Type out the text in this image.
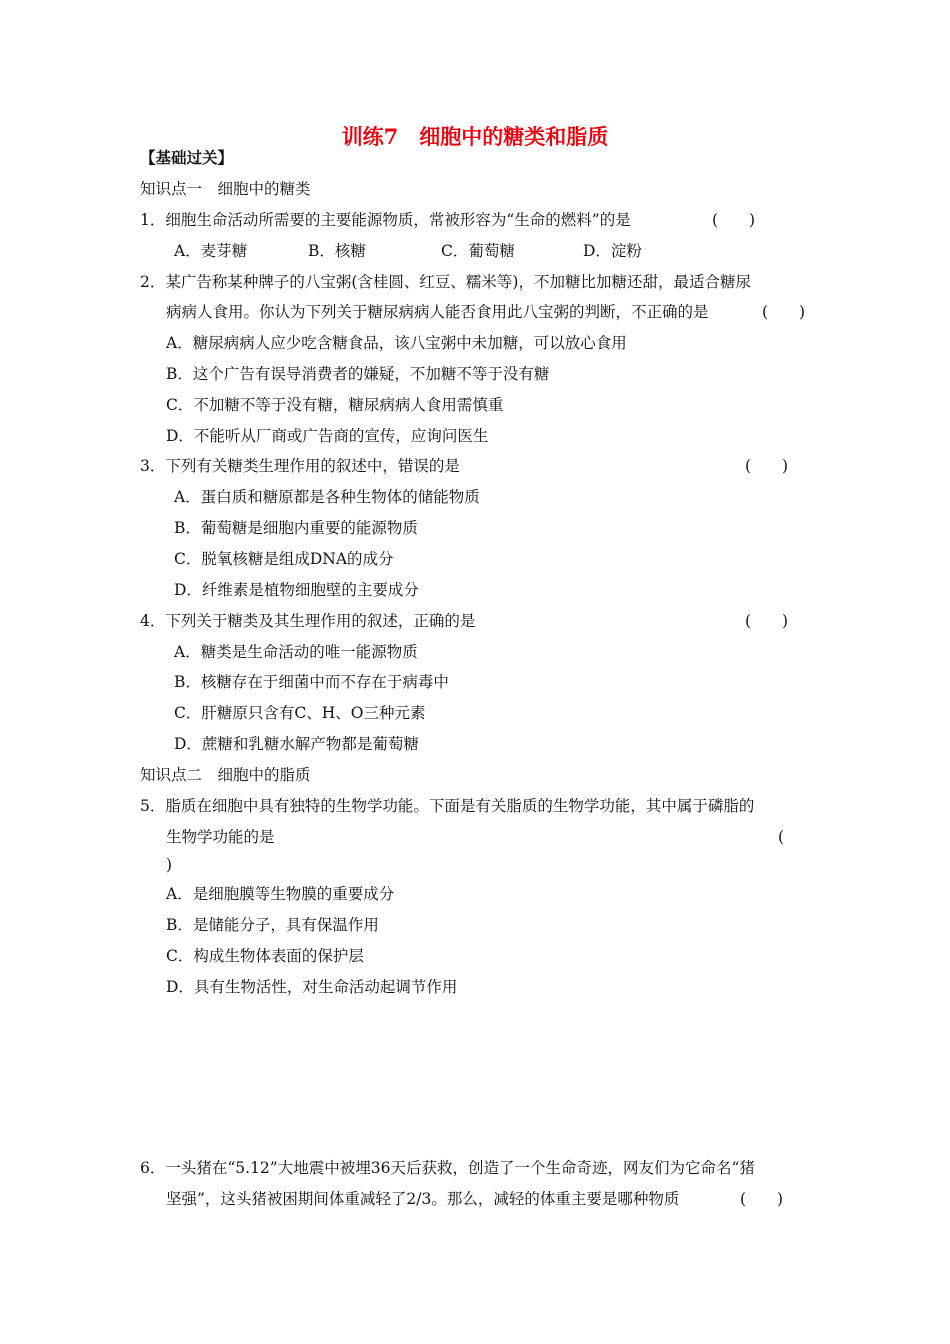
训练7　细胞中的糖类和脂质
【基础过关】
知识点一　细胞中的糖类
1．细胞生命活动所需要的主要能源物质，常被形容为“生命的燃料”的是	(　　)
A．麦芽糖	B．核糖	C．葡萄糖	D．淀粉
2．某广告称某种牌子的八宝粥(含桂圆、红豆、糯米等)，不加糖比加糖还甜，最适合糖尿
病病人食用。你认为下列关于糖尿病病人能否食用此八宝粥的判断，不正确的是	(　　)
A．糖尿病病人应少吃含糖食品，该八宝粥中未加糖，可以放心食用
B．这个广告有误导消费者的嫌疑，不加糖不等于没有糖
C．不加糖不等于没有糖，糖尿病病人食用需慎重
D．不能听从厂商或广告商的宣传，应询问医生
3．下列有关糖类生理作用的叙述中，错误的是	(　　)
A．蛋白质和糖原都是各种生物体的储能物质
B．葡萄糖是细胞内重要的能源物质
C．脱氧核糖是组成DNA的成分
D．纤维素是植物细胞壁的主要成分
4．下列关于糖类及其生理作用的叙述，正确的是	(　　)
A．糖类是生命活动的唯一能源物质
B．核糖存在于细菌中而不存在于病毒中
C．肝糖原只含有C、H、O三种元素
D．蔗糖和乳糖水解产物都是葡萄糖
知识点二　细胞中的脂质
5．脂质在细胞中具有独特的生物学功能。下面是有关脂质的生物学功能，其中属于磷脂的
生物学功能的是	(
)
A．是细胞膜等生物膜的重要成分
B．是储能分子，具有保温作用
C．构成生物体表面的保护层
D．具有生物活性，对生命活动起调节作用
6．一头猪在“5.12”大地震中被埋36天后获救，创造了一个生命奇迹，网友们为它命名“猪
坚强”，这头猪被困期间体重减轻了2/3。那么，减轻的体重主要是哪种物质	(　　)
